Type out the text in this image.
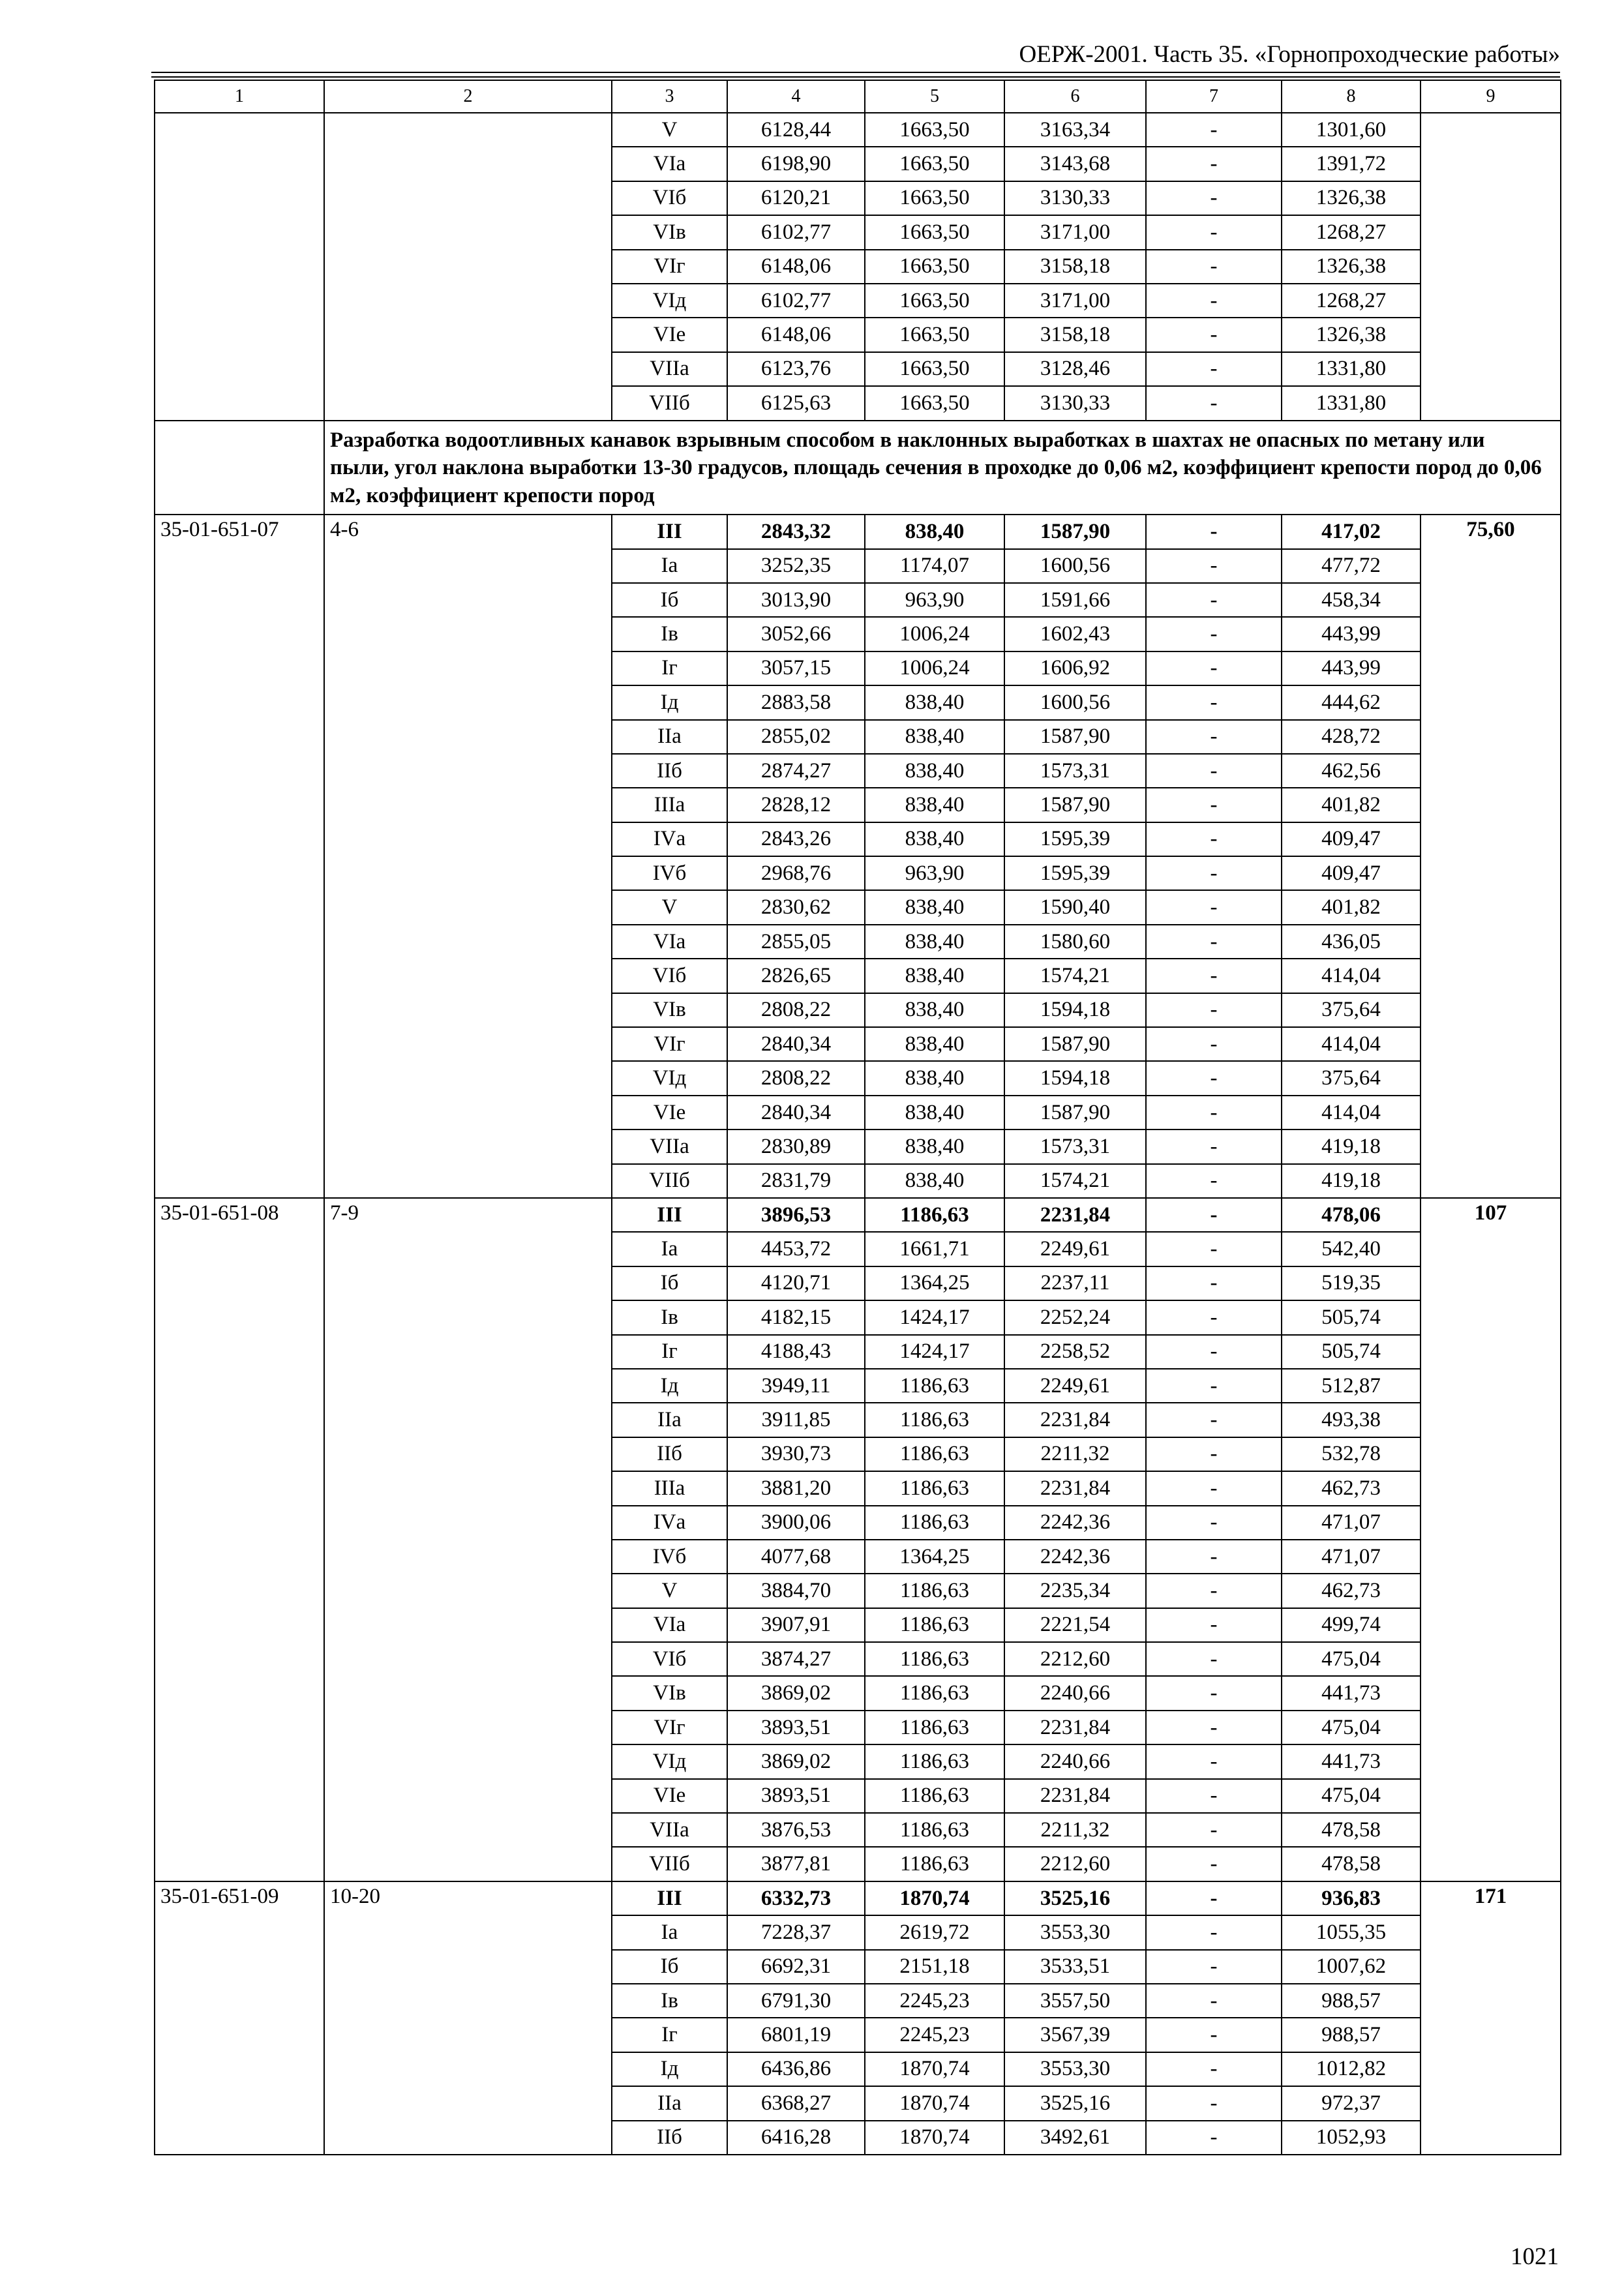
ОЕРЖ-2001. Часть 35. «Горнопроходческие работы»
1	2	3	4	5	6	7	8	9
		V	6128,44	1663,50	3163,34	-	1301,60	
		VIа	6198,90	1663,50	3143,68	-	1391,72	
		VIб	6120,21	1663,50	3130,33	-	1326,38	
		VIв	6102,77	1663,50	3171,00	-	1268,27	
		VIг	6148,06	1663,50	3158,18	-	1326,38	
		VIд	6102,77	1663,50	3171,00	-	1268,27	
		VIе	6148,06	1663,50	3158,18	-	1326,38	
		VIIа	6123,76	1663,50	3128,46	-	1331,80	
		VIIб	6125,63	1663,50	3130,33	-	1331,80	
	Разработка водоотливных канавок взрывным способом в наклонных выработках в шахтах не опасных по метану или пыли, угол наклона выработки 13-30 градусов, площадь сечения в проходке до 0,06 м2, коэффициент крепости пород до 0,06 м2, коэффициент крепости пород							
35-01-651-07	4-6	III	2843,32	838,40	1587,90	-	417,02	75,60
		Iа	3252,35	1174,07	1600,56	-	477,72	
		Iб	3013,90	963,90	1591,66	-	458,34	
		Iв	3052,66	1006,24	1602,43	-	443,99	
		Iг	3057,15	1006,24	1606,92	-	443,99	
		Iд	2883,58	838,40	1600,56	-	444,62	
		IIа	2855,02	838,40	1587,90	-	428,72	
		IIб	2874,27	838,40	1573,31	-	462,56	
		IIIа	2828,12	838,40	1587,90	-	401,82	
		IVа	2843,26	838,40	1595,39	-	409,47	
		IVб	2968,76	963,90	1595,39	-	409,47	
		V	2830,62	838,40	1590,40	-	401,82	
		VIа	2855,05	838,40	1580,60	-	436,05	
		VIб	2826,65	838,40	1574,21	-	414,04	
		VIв	2808,22	838,40	1594,18	-	375,64	
		VIг	2840,34	838,40	1587,90	-	414,04	
		VIд	2808,22	838,40	1594,18	-	375,64	
		VIе	2840,34	838,40	1587,90	-	414,04	
		VIIа	2830,89	838,40	1573,31	-	419,18	
		VIIб	2831,79	838,40	1574,21	-	419,18	
35-01-651-08	7-9	III	3896,53	1186,63	2231,84	-	478,06	107
		Iа	4453,72	1661,71	2249,61	-	542,40	
		Iб	4120,71	1364,25	2237,11	-	519,35	
		Iв	4182,15	1424,17	2252,24	-	505,74	
		Iг	4188,43	1424,17	2258,52	-	505,74	
		Iд	3949,11	1186,63	2249,61	-	512,87	
		IIа	3911,85	1186,63	2231,84	-	493,38	
		IIб	3930,73	1186,63	2211,32	-	532,78	
		IIIа	3881,20	1186,63	2231,84	-	462,73	
		IVа	3900,06	1186,63	2242,36	-	471,07	
		IVб	4077,68	1364,25	2242,36	-	471,07	
		V	3884,70	1186,63	2235,34	-	462,73	
		VIа	3907,91	1186,63	2221,54	-	499,74	
		VIб	3874,27	1186,63	2212,60	-	475,04	
		VIв	3869,02	1186,63	2240,66	-	441,73	
		VIг	3893,51	1186,63	2231,84	-	475,04	
		VIд	3869,02	1186,63	2240,66	-	441,73	
		VIе	3893,51	1186,63	2231,84	-	475,04	
		VIIа	3876,53	1186,63	2211,32	-	478,58	
		VIIб	3877,81	1186,63	2212,60	-	478,58	
35-01-651-09	10-20	III	6332,73	1870,74	3525,16	-	936,83	171
		Iа	7228,37	2619,72	3553,30	-	1055,35	
		Iб	6692,31	2151,18	3533,51	-	1007,62	
		Iв	6791,30	2245,23	3557,50	-	988,57	
		Iг	6801,19	2245,23	3567,39	-	988,57	
		Iд	6436,86	1870,74	3553,30	-	1012,82	
		IIа	6368,27	1870,74	3525,16	-	972,37	
		IIб	6416,28	1870,74	3492,61	-	1052,93	
1021
